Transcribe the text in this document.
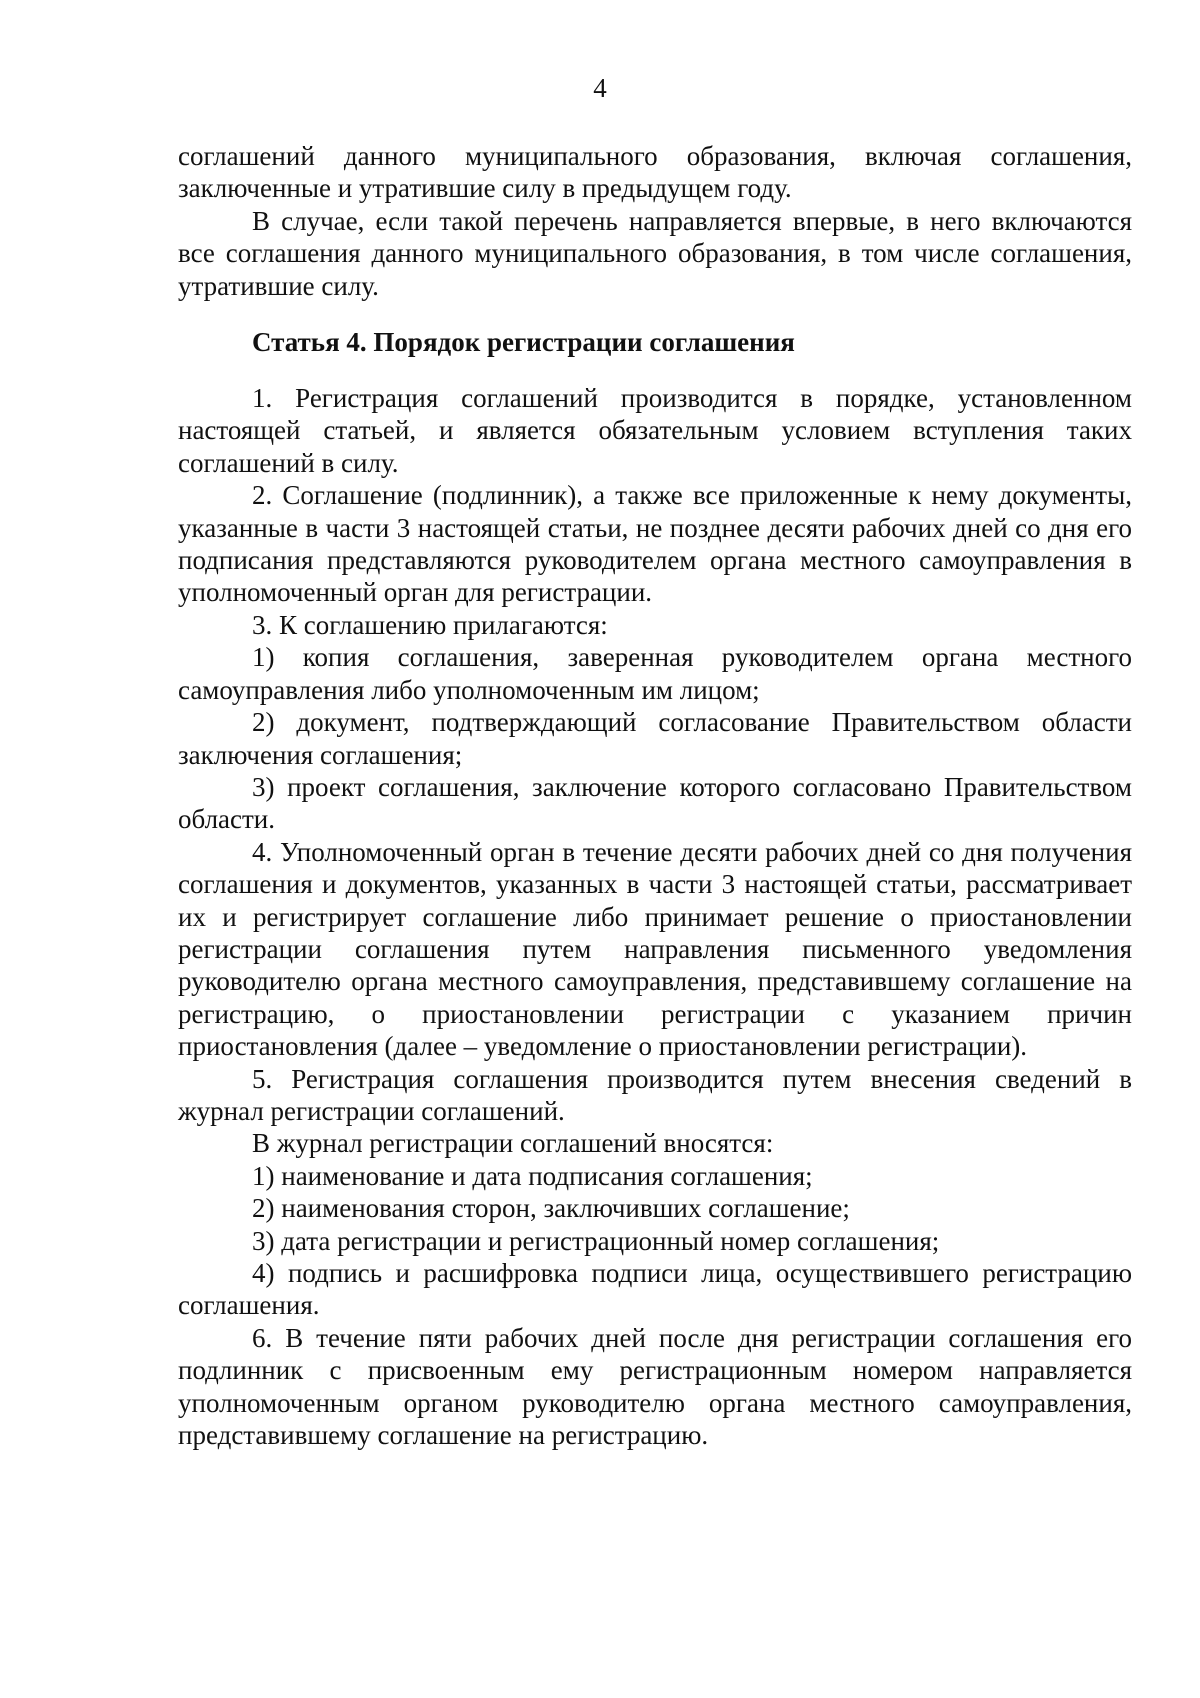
4

соглашений данного муниципального образования, включая соглашения, заключенные и утратившие силу в предыдущем году.

В случае, если такой перечень направляется впервые, в него включаются все соглашения данного муниципального образования, в том числе соглашения, утратившие силу.

Статья 4. Порядок регистрации соглашения

1. Регистрация соглашений производится в порядке, установленном настоящей статьей, и является обязательным условием вступления таких соглашений в силу.

2. Соглашение (подлинник), а также все приложенные к нему документы, указанные в части 3 настоящей статьи, не позднее десяти рабочих дней со дня его подписания представляются руководителем органа местного самоуправления в уполномоченный орган для регистрации.

3. К соглашению прилагаются:

1) копия соглашения, заверенная руководителем органа местного самоуправления либо уполномоченным им лицом;

2) документ, подтверждающий согласование Правительством области заключения соглашения;

3) проект соглашения, заключение которого согласовано Правительством области.

4. Уполномоченный орган в течение десяти рабочих дней со дня получения соглашения и документов, указанных в части 3 настоящей статьи, рассматривает их и регистрирует соглашение либо принимает решение о приостановлении регистрации соглашения путем направления письменного уведомления руководителю органа местного самоуправления, представившему соглашение на регистрацию, о приостановлении регистрации с указанием причин приостановления (далее – уведомление о приостановлении регистрации).

5. Регистрация соглашения производится путем внесения сведений в журнал регистрации соглашений.

В журнал регистрации соглашений вносятся:

1) наименование и дата подписания соглашения;

2) наименования сторон, заключивших соглашение;

3) дата регистрации и регистрационный номер соглашения;

4) подпись и расшифровка подписи лица, осуществившего регистрацию соглашения.

6. В течение пяти рабочих дней после дня регистрации соглашения его подлинник с присвоенным ему регистрационным номером направляется уполномоченным органом руководителю органа местного самоуправления, представившему соглашение на регистрацию.
